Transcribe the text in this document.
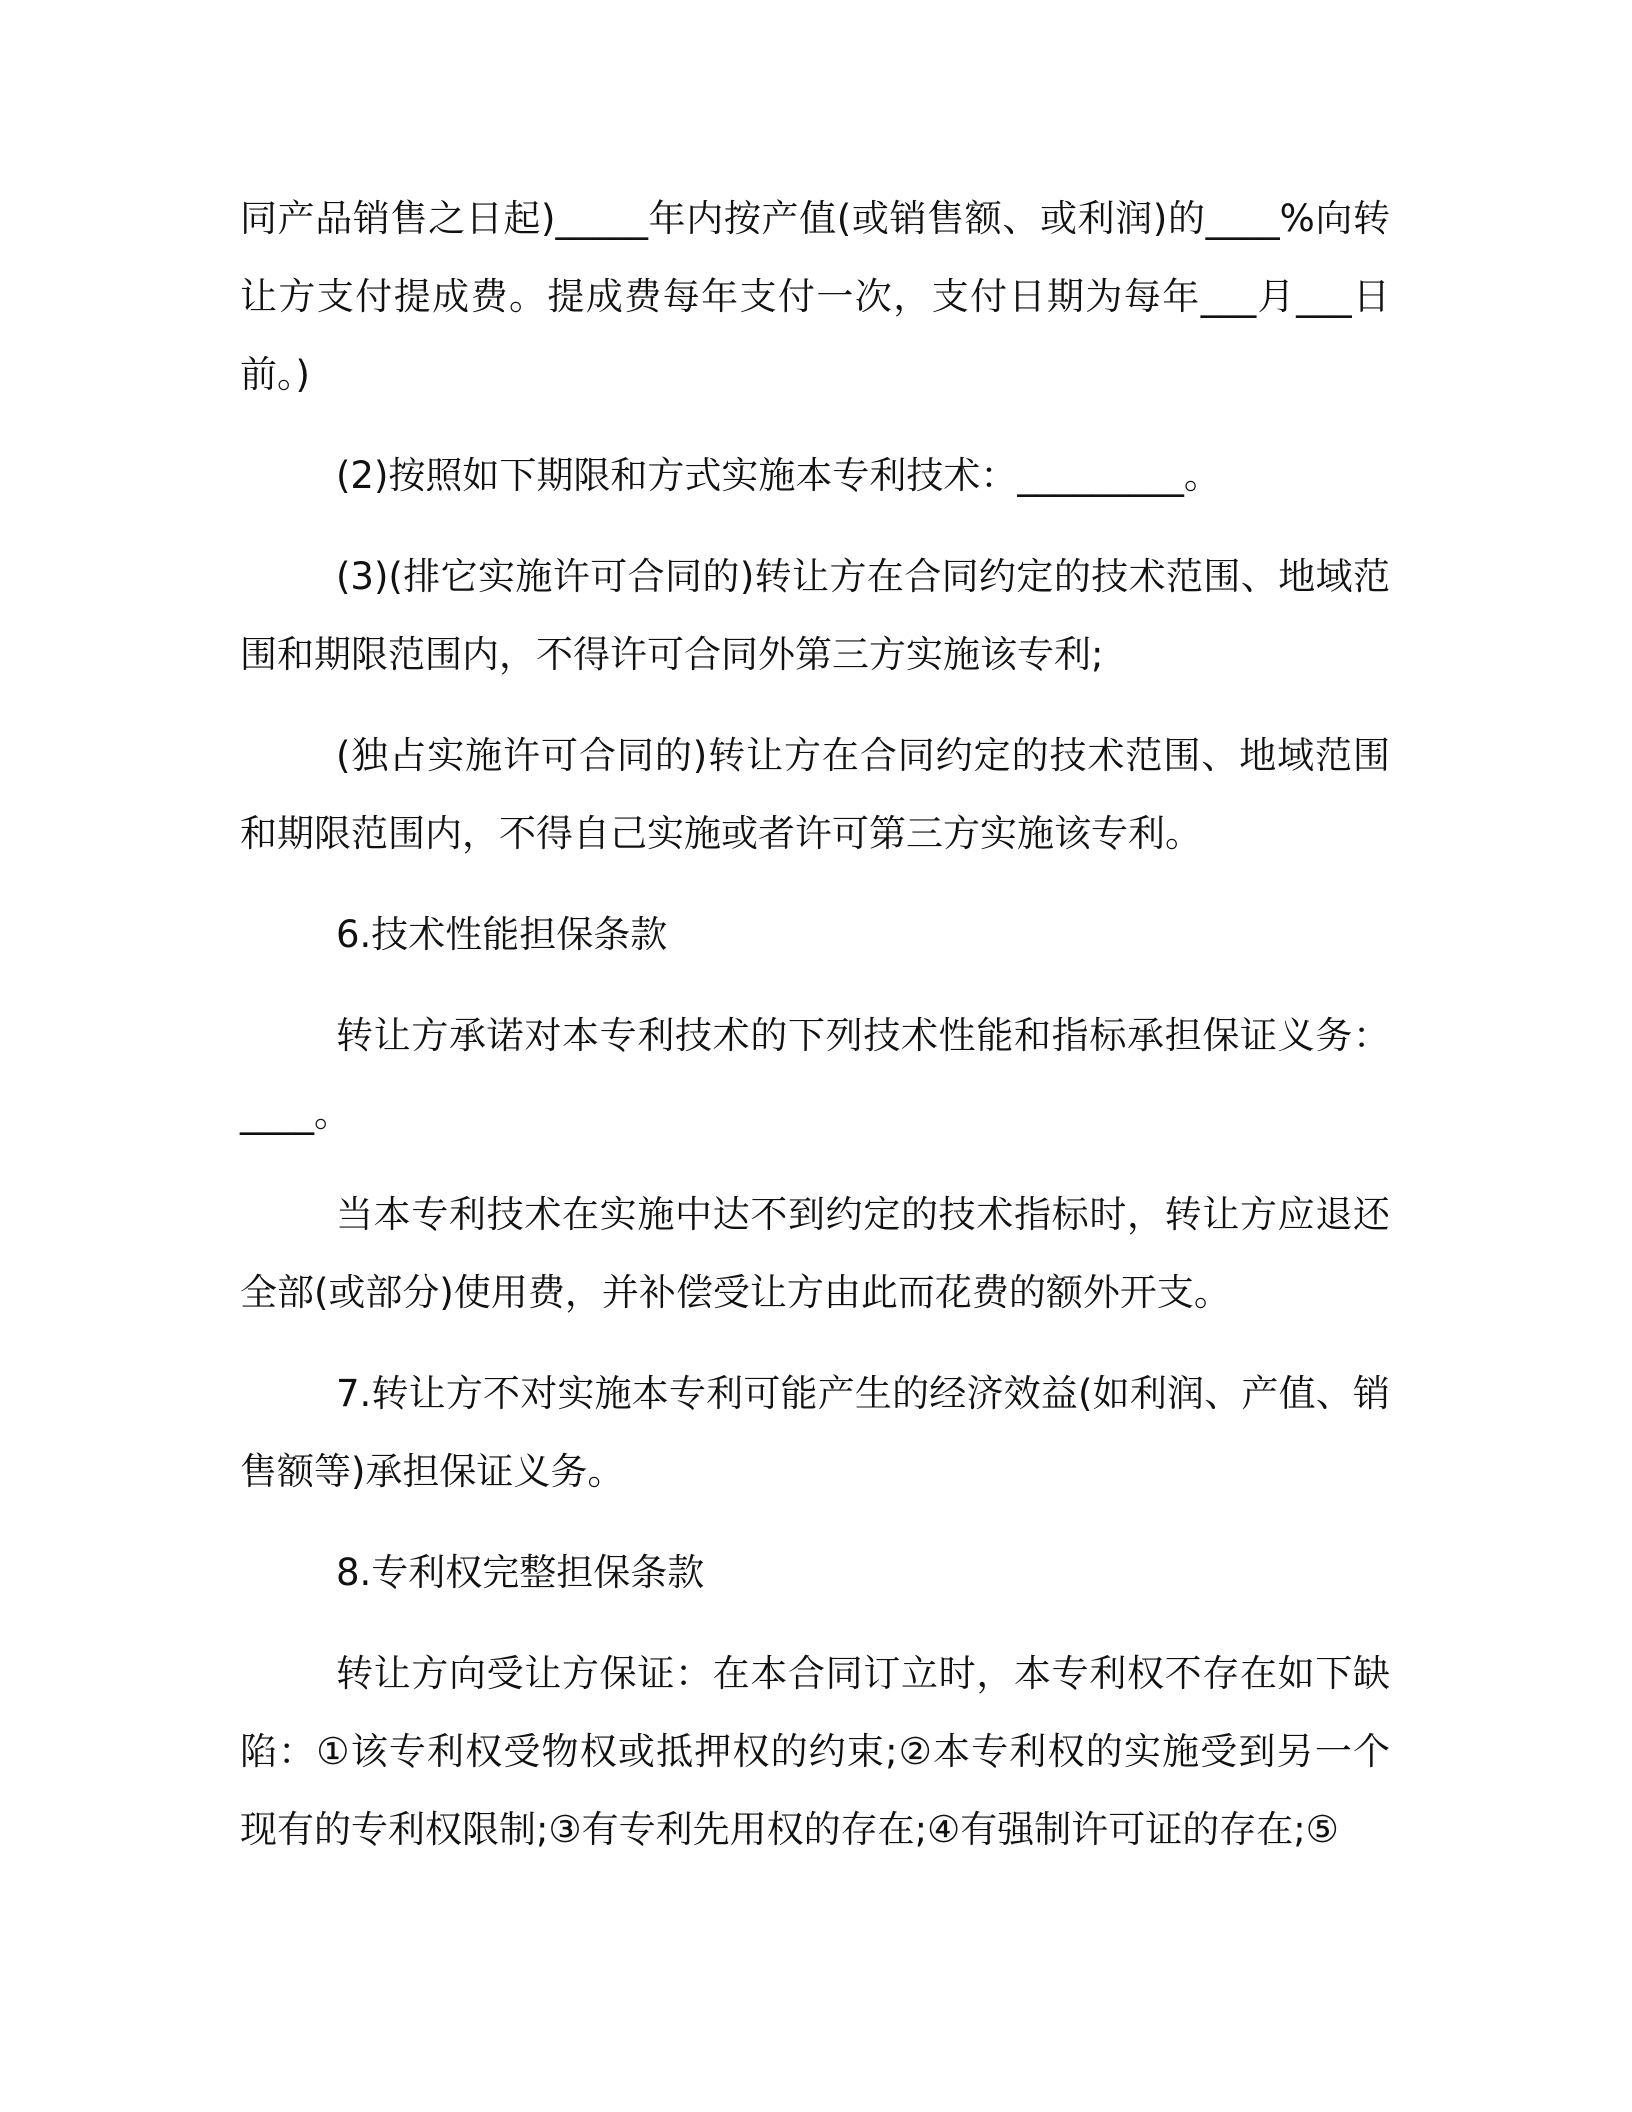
同产品销售之日起)_____年内按产值(或销售额、或利润)的____%向转让方支付提成费。提成费每年支付一次，支付日期为每年___月___日前。)

(2)按照如下期限和方式实施本专利技术：_________。

(3)(排它实施许可合同的)转让方在合同约定的技术范围、地域范围和期限范围内，不得许可合同外第三方实施该专利;

(独占实施许可合同的)转让方在合同约定的技术范围、地域范围和期限范围内，不得自己实施或者许可第三方实施该专利。

6.技术性能担保条款

转让方承诺对本专利技术的下列技术性能和指标承担保证义务：____。

当本专利技术在实施中达不到约定的技术指标时，转让方应退还全部(或部分)使用费，并补偿受让方由此而花费的额外开支。

7.转让方不对实施本专利可能产生的经济效益(如利润、产值、销售额等)承担保证义务。

8.专利权完整担保条款

转让方向受让方保证：在本合同订立时，本专利权不存在如下缺陷：①该专利权受物权或抵押权的约束;②本专利权的实施受到另一个现有的专利权限制;③有专利先用权的存在;④有强制许可证的存在;⑤
